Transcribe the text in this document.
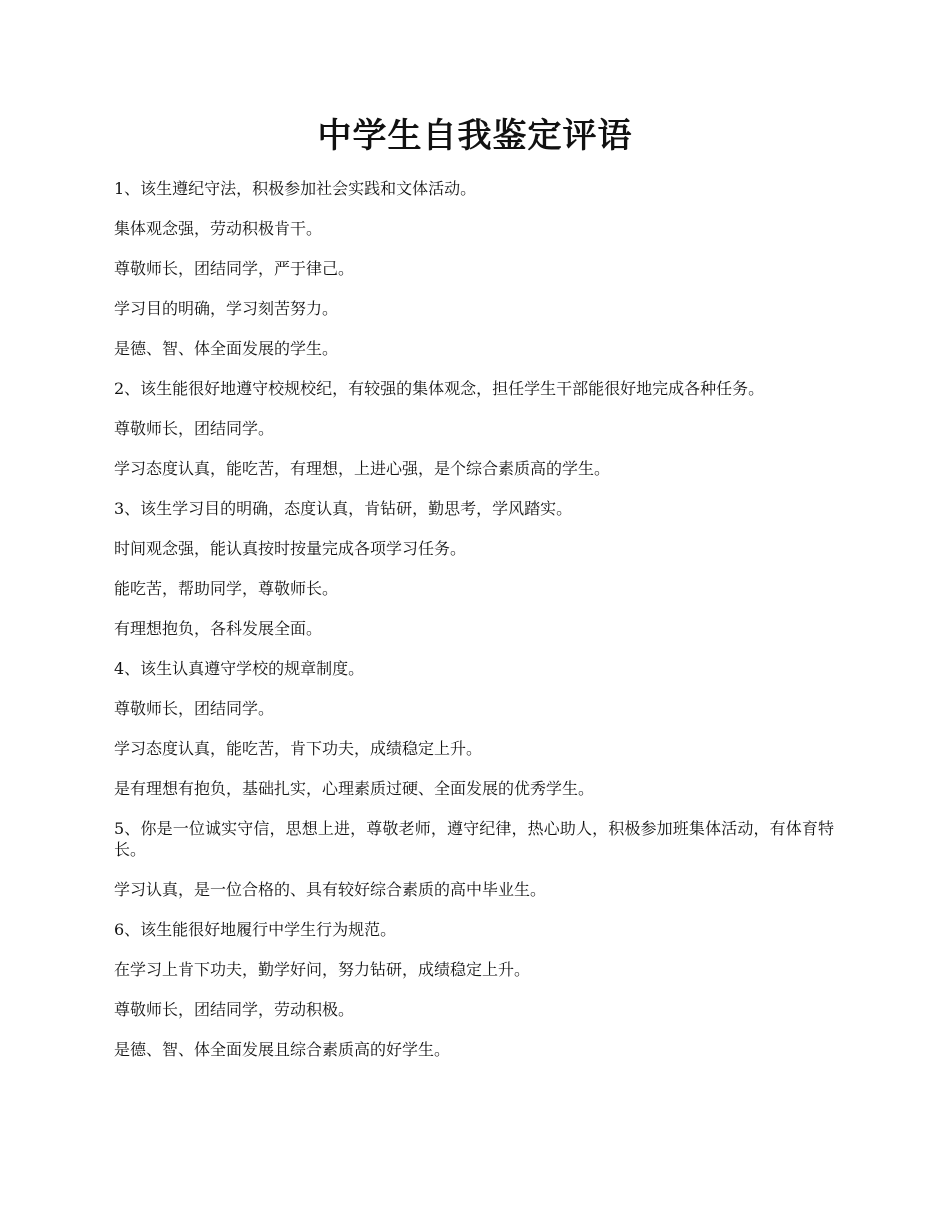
中学生自我鉴定评语

1、该生遵纪守法，积极参加社会实践和文体活动。

集体观念强，劳动积极肯干。

尊敬师长，团结同学，严于律己。

学习目的明确，学习刻苦努力。

是德、智、体全面发展的学生。

2、该生能很好地遵守校规校纪，有较强的集体观念，担任学生干部能很好地完成各种任务。

尊敬师长，团结同学。

学习态度认真，能吃苦，有理想，上进心强，是个综合素质高的学生。

3、该生学习目的明确，态度认真，肯钻研，勤思考，学风踏实。

时间观念强，能认真按时按量完成各项学习任务。

能吃苦，帮助同学，尊敬师长。

有理想抱负，各科发展全面。

4、该生认真遵守学校的规章制度。

尊敬师长，团结同学。

学习态度认真，能吃苦，肯下功夫，成绩稳定上升。

是有理想有抱负，基础扎实，心理素质过硬、全面发展的优秀学生。

5、你是一位诚实守信，思想上进，尊敬老师，遵守纪律，热心助人，积极参加班集体活动，有体育特长。

学习认真，是一位合格的、具有较好综合素质的高中毕业生。

6、该生能很好地履行中学生行为规范。

在学习上肯下功夫，勤学好问，努力钻研，成绩稳定上升。

尊敬师长，团结同学，劳动积极。

是德、智、体全面发展且综合素质高的好学生。
